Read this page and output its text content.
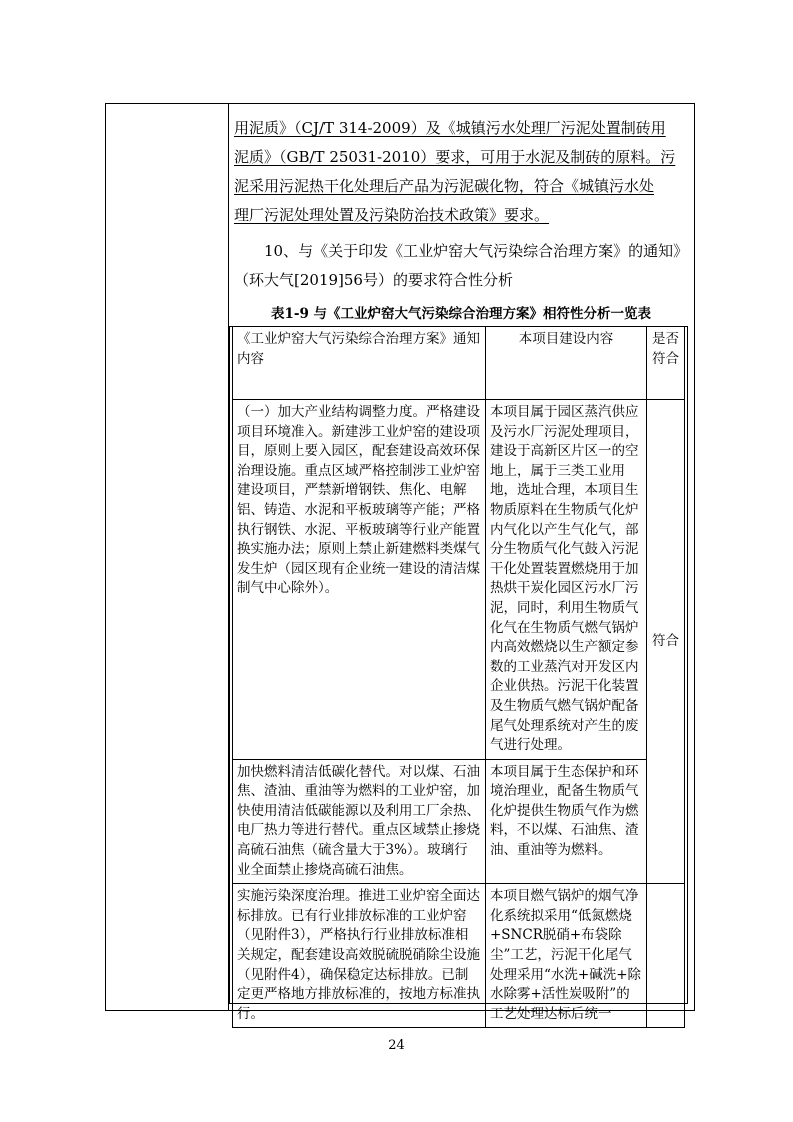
用泥质》（CJ/T 314-2009）及《城镇污水处理厂污泥处置制砖用
泥质》（GB/T 25031-2010）要求，可用于水泥及制砖的原料。污
泥采用污泥热干化处理后产品为污泥碳化物，符合《城镇污水处
理厂污泥处理处置及污染防治技术政策》要求。
10、与《关于印发《工业炉窑大气污染综合治理方案》的通知》（环大气[2019]56号）的要求符合性分析
表1-9 与《工业炉窑大气污染综合治理方案》相符性分析一览表
《工业炉窑大气污染综合治理方案》通知内容	本项目建设内容	是否符合
（一）加大产业结构调整力度。严格建设项目环境准入。新建涉工业炉窑的建设项目，原则上要入园区，配套建设高效环保治理设施。重点区域严格控制涉工业炉窑建设项目，严禁新增钢铁、焦化、电解铝、铸造、水泥和平板玻璃等产能；严格执行钢铁、水泥、平板玻璃等行业产能置换实施办法；原则上禁止新建燃料类煤气发生炉（园区现有企业统一建设的清洁煤制气中心除外）。	本项目属于园区蒸汽供应及污水厂污泥处理项目，建设于高新区片区一的空地上，属于三类工业用地，选址合理，本项目生物质原料在生物质气化炉内气化以产生气化气，部分生物质气化气鼓入污泥干化处置装置燃烧用于加热烘干炭化园区污水厂污泥，同时，利用生物质气化气在生物质气燃气锅炉内高效燃烧以生产额定参数的工业蒸汽对开发区内企业供热。污泥干化装置及生物质气燃气锅炉配备尾气处理系统对产生的废气进行处理。	符合
加快燃料清洁低碳化替代。对以煤、石油焦、渣油、重油等为燃料的工业炉窑，加快使用清洁低碳能源以及利用工厂余热、电厂热力等进行替代。重点区域禁止掺烧高硫石油焦（硫含量大于3%）。玻璃行业全面禁止掺烧高硫石油焦。	本项目属于生态保护和环境治理业，配备生物质气化炉提供生物质气作为燃料，不以煤、石油焦、渣油、重油等为燃料。	
实施污染深度治理。推进工业炉窑全面达标排放。已有行业排放标准的工业炉窑（见附件3），严格执行行业排放标准相关规定，配套建设高效脱硫脱硝除尘设施（见附件4），确保稳定达标排放。已制定更严格地方排放标准的，按地方标准执行。	本项目燃气锅炉的烟气净化系统拟采用“低氮燃烧+SNCR脱硝+布袋除尘”工艺，污泥干化尾气处理采用“水洗+碱洗+除水除雾+活性炭吸附”的工艺处理达标后统一	
24
